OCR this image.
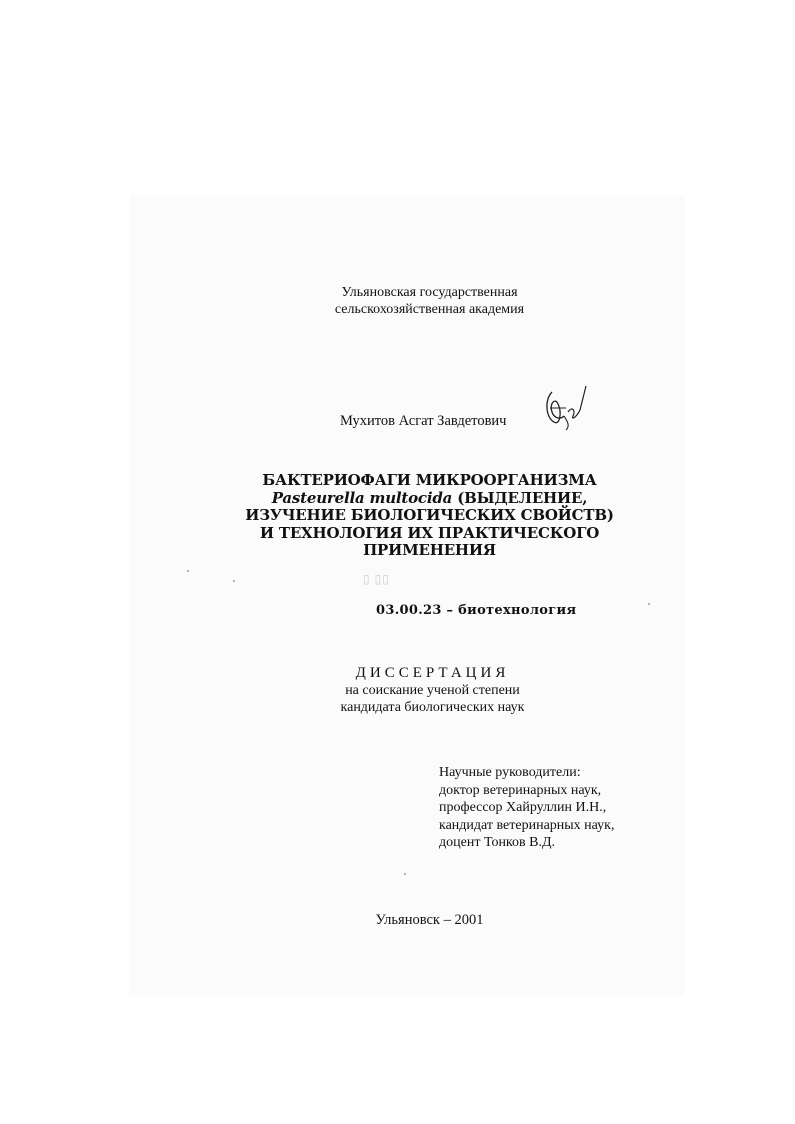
Ульяновская государственная
сельскохозяйственная академия
Мухитов Асгат Завдетович
БАКТЕРИОФАГИ МИКРООРГАНИЗМА
Pasteurella multocida (ВЫДЕЛЕНИЕ,
ИЗУЧЕНИЕ БИОЛОГИЧЕСКИХ СВОЙСТВ)
И ТЕХНОЛОГИЯ ИХ ПРАКТИЧЕСКОГО
ПРИМЕНЕНИЯ
▯ ▯▯
03.00.23 – биотехнология
ДИССЕРТАЦИЯ
на соискание ученой степени
кандидата биологических наук
Научные руководители:
доктор ветеринарных наук,
профессор Хайруллин И.Н.,
кандидат ветеринарных наук,
доцент Тонков В.Д.
Ульяновск – 2001
